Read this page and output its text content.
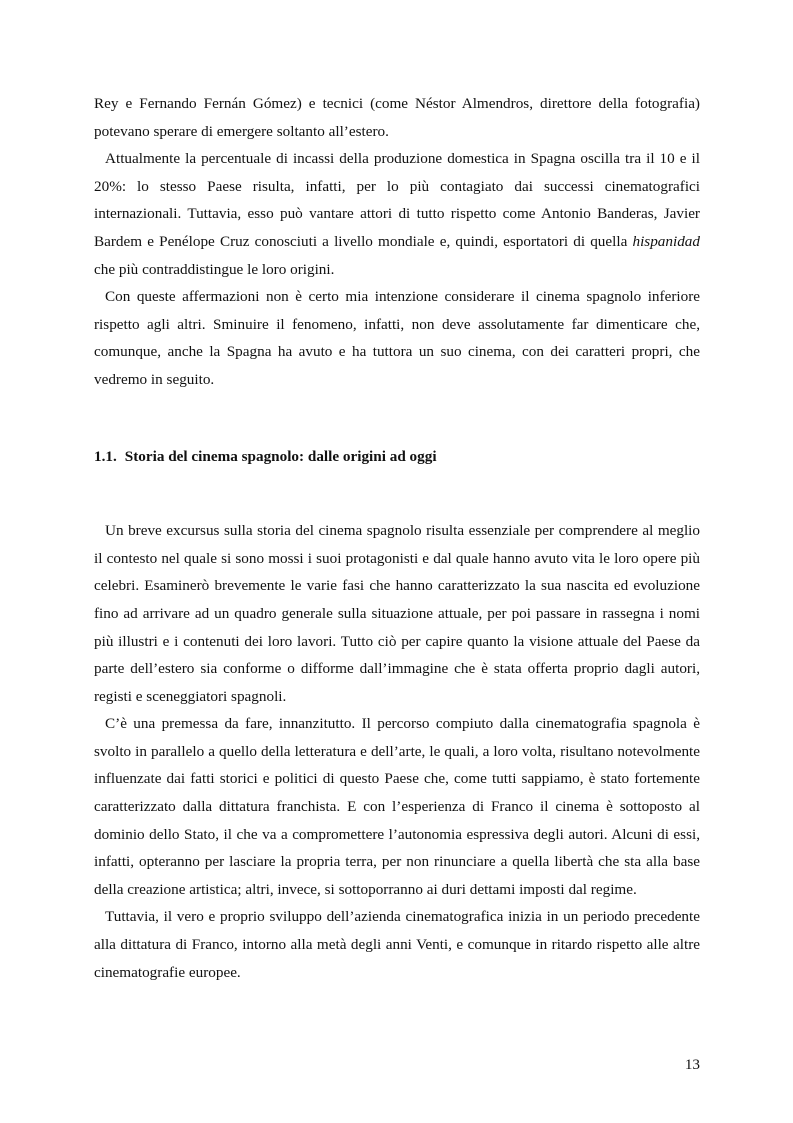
Rey e Fernando Fernán Gómez) e tecnici (come Néstor Almendros, direttore della fotografia) potevano sperare di emergere soltanto all’estero.

Attualmente la percentuale di incassi della produzione domestica in Spagna oscilla tra il 10 e il 20%: lo stesso Paese risulta, infatti, per lo più contagiato dai successi cinematografici internazionali. Tuttavia, esso può vantare attori di tutto rispetto come Antonio Banderas, Javier Bardem e Penélope Cruz conosciuti a livello mondiale e, quindi, esportatori di quella hispanidad che più contraddistingue le loro origini.

Con queste affermazioni non è certo mia intenzione considerare il cinema spagnolo inferiore rispetto agli altri. Sminuire il fenomeno, infatti, non deve assolutamente far dimenticare che, comunque, anche la Spagna ha avuto e ha tuttora un suo cinema, con dei caratteri propri, che vedremo in seguito.

1.1. Storia del cinema spagnolo: dalle origini ad oggi

Un breve excursus sulla storia del cinema spagnolo risulta essenziale per comprendere al meglio il contesto nel quale si sono mossi i suoi protagonisti e dal quale hanno avuto vita le loro opere più celebri. Esaminerò brevemente le varie fasi che hanno caratterizzato la sua nascita ed evoluzione fino ad arrivare ad un quadro generale sulla situazione attuale, per poi passare in rassegna i nomi più illustri e i contenuti dei loro lavori. Tutto ciò per capire quanto la visione attuale del Paese da parte dell’estero sia conforme o difforme dall’immagine che è stata offerta proprio dagli autori, registi e sceneggiatori spagnoli.

C’è una premessa da fare, innanzitutto. Il percorso compiuto dalla cinematografia spagnola è svolto in parallelo a quello della letteratura e dell’arte, le quali, a loro volta, risultano notevolmente influenzate dai fatti storici e politici di questo Paese che, come tutti sappiamo, è stato fortemente caratterizzato dalla dittatura franchista. E con l’esperienza di Franco il cinema è sottoposto al dominio dello Stato, il che va a compromettere l’autonomia espressiva degli autori. Alcuni di essi, infatti, opteranno per lasciare la propria terra, per non rinunciare a quella libertà che sta alla base della creazione artistica; altri, invece, si sottoporranno ai duri dettami imposti dal regime.

Tuttavia, il vero e proprio sviluppo dell’azienda cinematografica inizia in un periodo precedente alla dittatura di Franco, intorno alla metà degli anni Venti, e comunque in ritardo rispetto alle altre cinematografie europee.

13
